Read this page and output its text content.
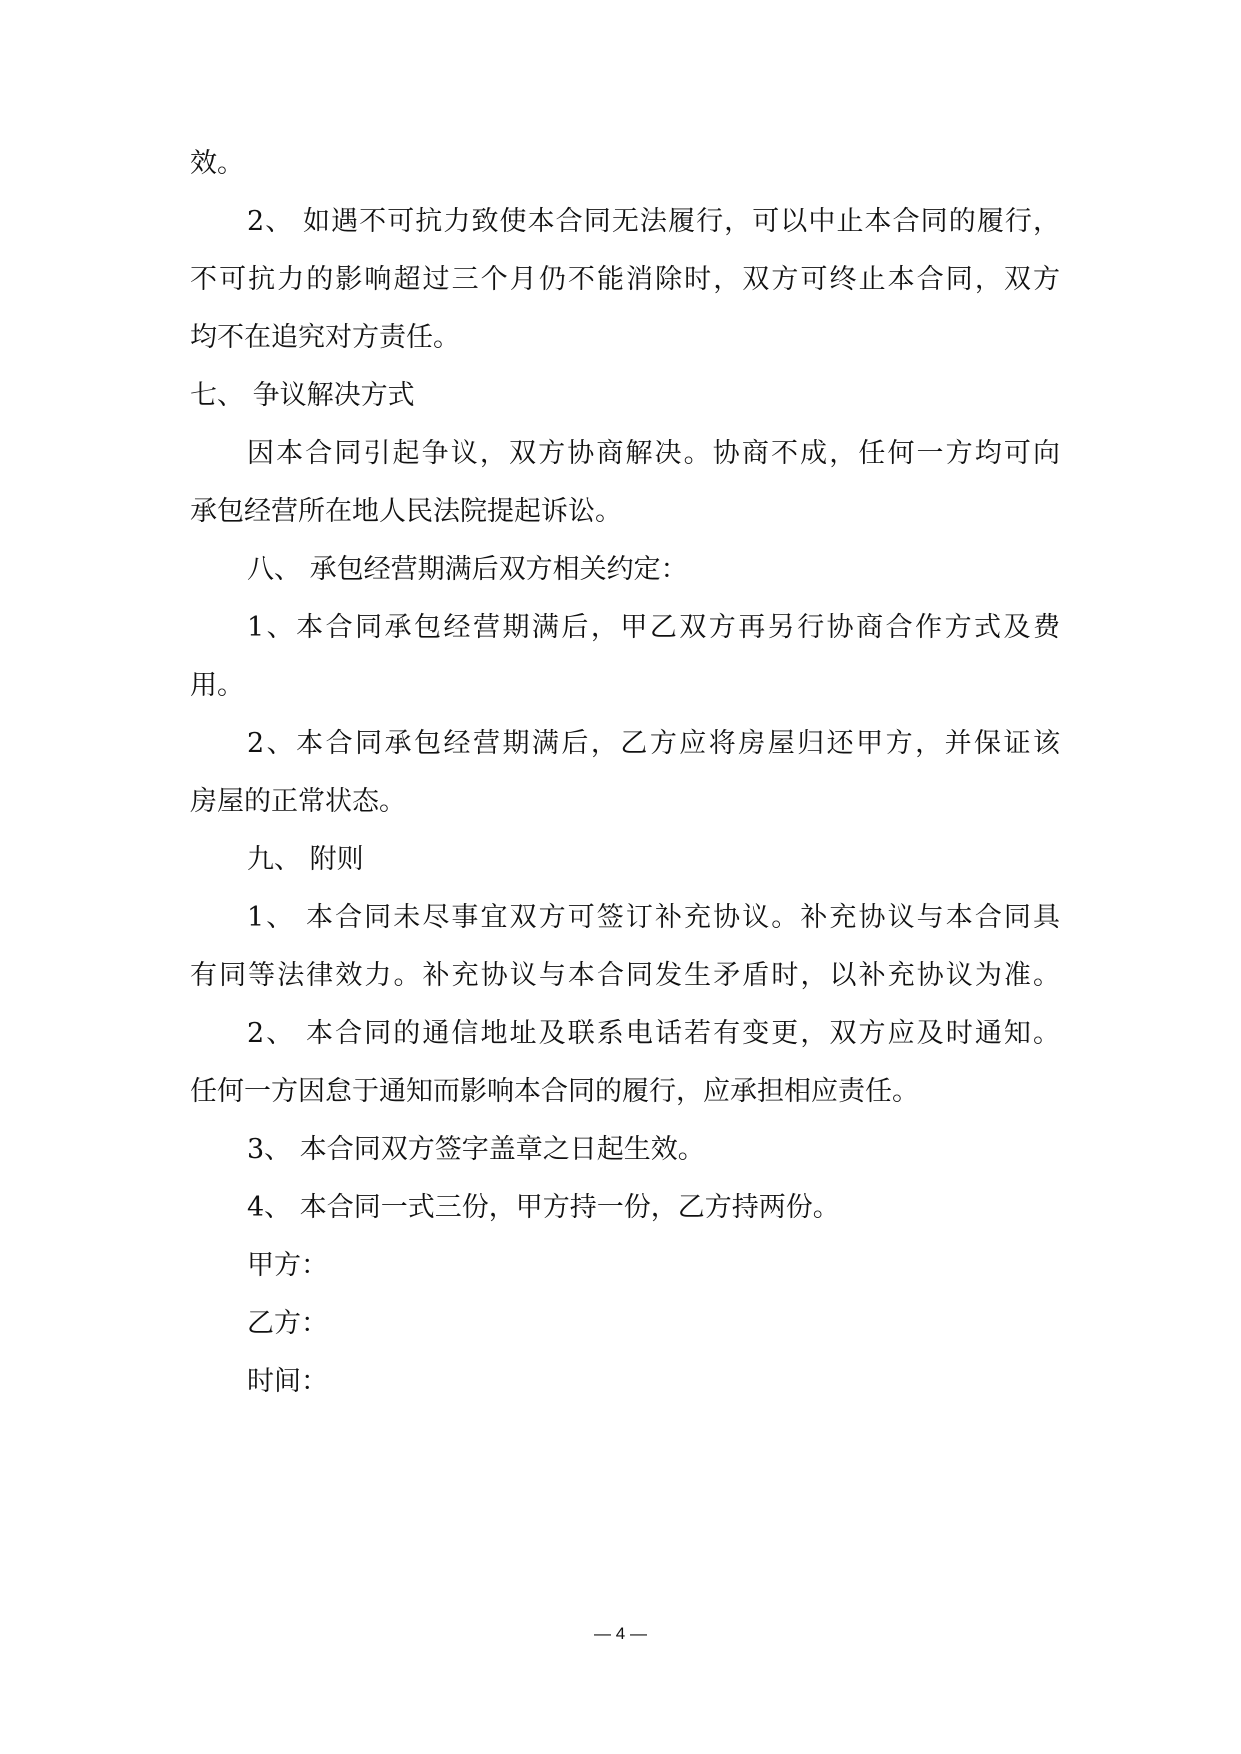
效。
2、 如遇不可抗力致使本合同无法履行，可以中止本合同的履行，
不可抗力的影响超过三个月仍不能消除时，双方可终止本合同，双方
均不在追究对方责任。
七、 争议解决方式
因本合同引起争议，双方协商解决。协商不成，任何一方均可向
承包经营所在地人民法院提起诉讼。
八、 承包经营期满后双方相关约定：
1、本合同承包经营期满后，甲乙双方再另行协商合作方式及费
用。
2、本合同承包经营期满后，乙方应将房屋归还甲方，并保证该
房屋的正常状态。
九、 附则
1、 本合同未尽事宜双方可签订补充协议。补充协议与本合同具
有同等法律效力。补充协议与本合同发生矛盾时，以补充协议为准。
2、 本合同的通信地址及联系电话若有变更，双方应及时通知。
任何一方因怠于通知而影响本合同的履行，应承担相应责任。
3、 本合同双方签字盖章之日起生效。
4、 本合同一式三份，甲方持一份，乙方持两份。
甲方：
乙方：
时间：
— 4 —
